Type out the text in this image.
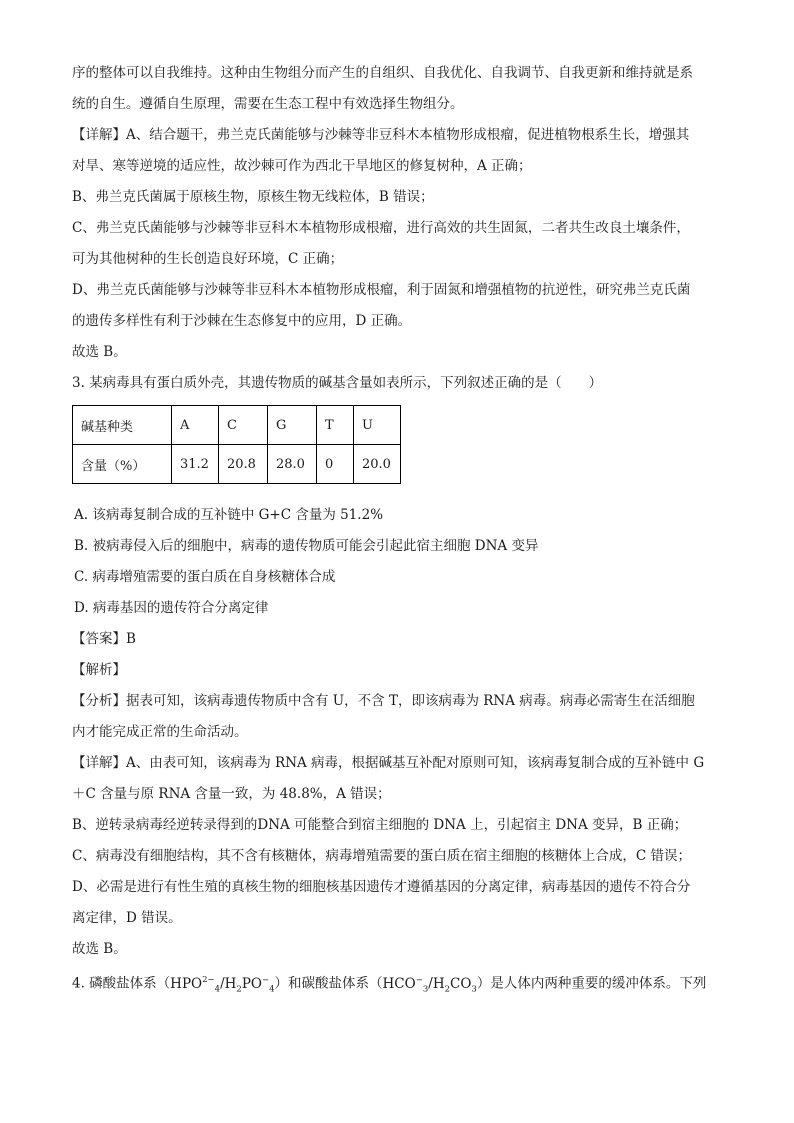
序的整体可以自我维持。这种由生物组分而产生的自组织、自我优化、自我调节、自我更新和维持就是系

统的自生。遵循自生原理，需要在生态工程中有效选择生物组分。

【详解】A、结合题干，弗兰克氏菌能够与沙棘等非豆科木本植物形成根瘤，促进植物根系生长，增强其

对旱、寒等逆境的适应性，故沙棘可作为西北干旱地区的修复树种，A 正确；

B、弗兰克氏菌属于原核生物，原核生物无线粒体，B 错误；

C、弗兰克氏菌能够与沙棘等非豆科木本植物形成根瘤，进行高效的共生固氮，二者共生改良土壤条件，

可为其他树种的生长创造良好环境，C 正确；

D、弗兰克氏菌能够与沙棘等非豆科木本植物形成根瘤，利于固氮和增强植物的抗逆性，研究弗兰克氏菌

的遗传多样性有利于沙棘在生态修复中的应用，D 正确。

故选 B。

3. 某病毒具有蛋白质外壳，其遗传物质的碱基含量如表所示，下列叙述正确的是（　　）

碱基种类	A	C	G	T	U
含量（%）	31.2	20.8	28.0	0	20.0

A. 该病毒复制合成的互补链中 G+C 含量为 51.2%

B. 被病毒侵入后的细胞中，病毒的遗传物质可能会引起此宿主细胞 DNA 变异

C. 病毒增殖需要的蛋白质在自身核糖体合成

D. 病毒基因的遗传符合分离定律

【答案】B

【解析】

【分析】据表可知，该病毒遗传物质中含有 U，不含 T，即该病毒为 RNA 病毒。病毒必需寄生在活细胞

内才能完成正常的生命活动。

【详解】A、由表可知，该病毒为 RNA 病毒，根据碱基互补配对原则可知，该病毒复制合成的互补链中 G

＋C 含量与原 RNA 含量一致，为 48.8%，A 错误；

B、逆转录病毒经逆转录得到的DNA 可能整合到宿主细胞的 DNA 上，引起宿主 DNA 变异，B 正确；

C、病毒没有细胞结构，其不含有核糖体，病毒增殖需要的蛋白质在宿主细胞的核糖体上合成，C 错误；

D、必需是进行有性生殖的真核生物的细胞核基因遗传才遵循基因的分离定律，病毒基因的遗传不符合分

离定律，D 错误。

故选 B。

4. 磷酸盐体系$(HPO^{2-}_4/H_2PO^-_4)$和碳酸盐体系$(HCO^-_3/H_2CO_3)$是人体内两种重要的缓冲体系。下列
